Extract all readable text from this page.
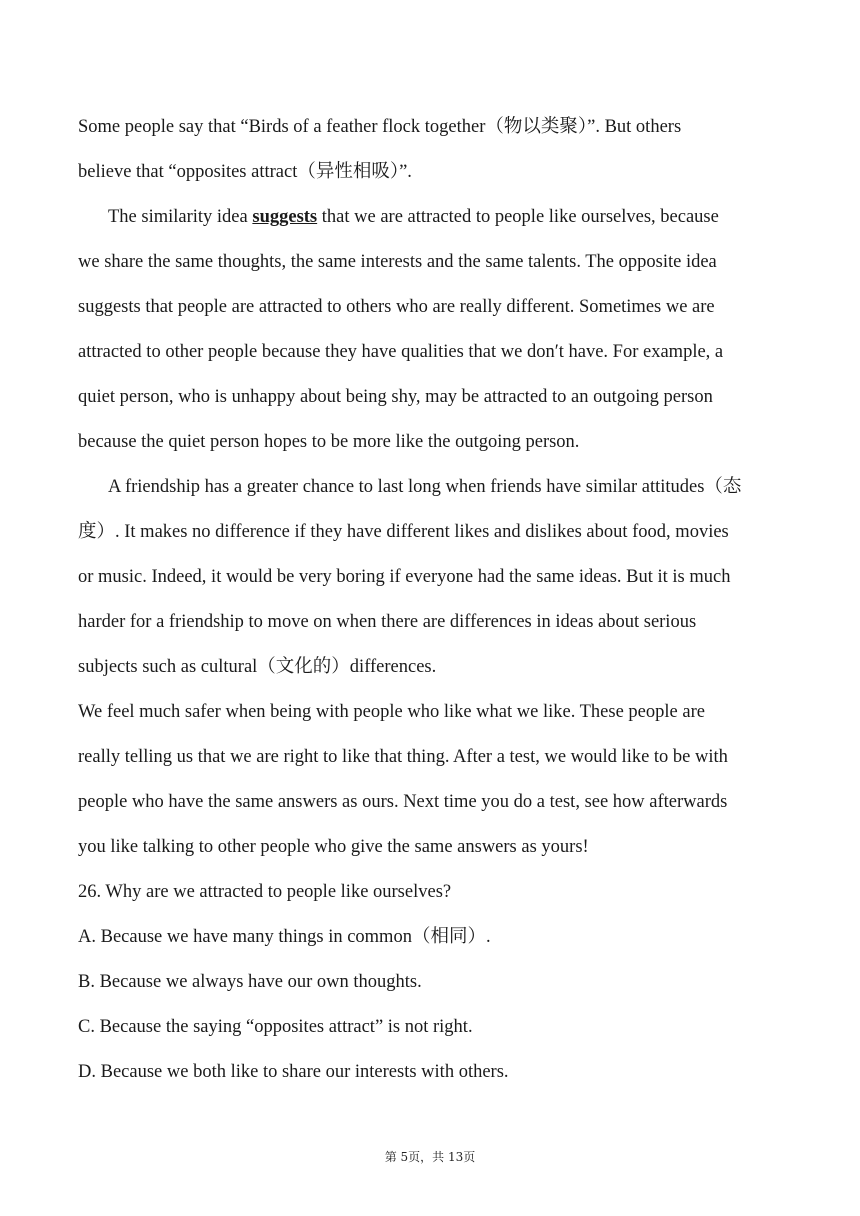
Some people say that “Birds of a feather flock together（物以类聚）”. But others
believe that “opposites attract（异性相吸）”.
The similarity idea suggests that we are attracted to people like ourselves, because
we share the same thoughts, the same interests and the same talents. The opposite idea
suggests that people are attracted to others who are really different. Sometimes we are
attracted to other people because they have qualities that we donʹt have. For example, a
quiet person, who is unhappy about being shy, may be attracted to an outgoing person
because the quiet person hopes to be more like the outgoing person.
A friendship has a greater chance to last long when friends have similar attitudes（态
度）. It makes no difference if they have different likes and dislikes about food, movies
or music. Indeed, it would be very boring if everyone had the same ideas. But it is much
harder for a friendship to move on when there are differences in ideas about serious
subjects such as cultural（文化的）differences.
We feel much safer when being with people who like what we like. These people are
really telling us that we are right to like that thing. After a test, we would like to be with
people who have the same answers as ours. Next time you do a test, see how afterwards
you like talking to other people who give the same answers as yours!
26. Why are we attracted to people like ourselves?
A. Because we have many things in common（相同）.
B. Because we always have our own thoughts.
C. Because the saying “opposites attract” is not right.
D. Because we both like to share our interests with others.
第 5页，共 13页
